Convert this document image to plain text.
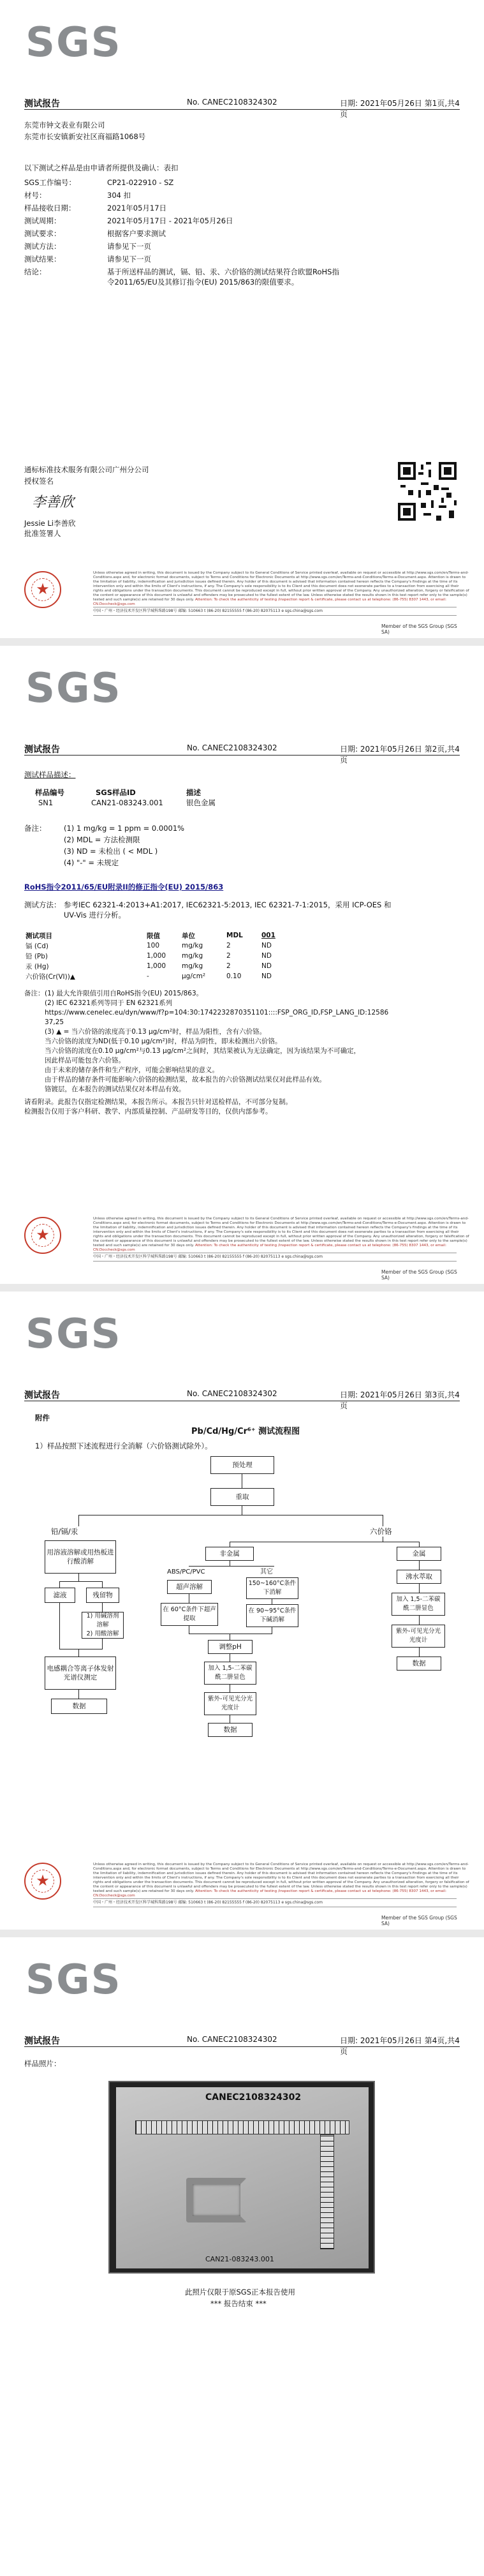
SGS
测试报告	No. CANEC2108324302	日期: 2021年05月26日 第1页,共4页
东莞市钟文表业有限公司
东莞市长安镇新安社区商福路1068号
以下测试之样品是由申请者所提供及确认：表扣
SGS工作编号：	CP21-022910 - SZ
材号：	304 扣
样品接收日期：	2021年05月17日
测试周期：	2021年05月17日 - 2021年05月26日
测试要求：	根据客户要求测试
测试方法：	请参见下一页
测试结果：	请参见下一页
结论：	基于所送样品的测试，镉、铅、汞、六价铬的测试结果符合欧盟RoHS指
令2011/65/EU及其修订指令(EU) 2015/863的限值要求。
通标标准技术服务有限公司广州分公司
授权签名
李善欣
Jessie Li李善欣
批准签署人
★
Unless otherwise agreed in writing, this document is issued by the Company subject to its General Conditions of Service printed overleaf, available on request or accessible at http://www.sgs.com/en/Terms-and-Conditions.aspx and, for electronic format documents, subject to Terms and Conditions for Electronic Documents at http://www.sgs.com/en/Terms-and-Conditions/Terms-e-Document.aspx. Attention is drawn to the limitation of liability, indemnification and jurisdiction issues defined therein. Any holder of this document is advised that information contained hereon reflects the Company's findings at the time of its intervention only and within the limits of Client's instructions, if any. The Company's sole responsibility is to its Client and this document does not exonerate parties to a transaction from exercising all their rights and obligations under the transaction documents. This document cannot be reproduced except in full, without prior written approval of the Company. Any unauthorized alteration, forgery or falsification of the content or appearance of this document is unlawful and offenders may be prosecuted to the fullest extent of the law. Unless otherwise stated the results shown in this test report refer only to the sample(s) tested and such sample(s) are retained for 30 days only. Attention: To check the authenticity of testing /inspection report & certificate, please contact us at telephone: (86-755) 8307 1443, or email: CN.Doccheck@sgs.com
中国・广州・经济技术开发区科学城科珠路198号 邮编: 510663 t (86-20) 82155555 f (86-20) 82075113 e sgs.china@sgs.com
Member of the SGS Group (SGS SA)
SGS
测试报告	No. CANEC2108324302	日期: 2021年05月26日 第2页,共4页
测试样品描述：
样品编号	SGS样品ID	描述
SN1	CAN21-083243.001	银色金属
备注： (1) 1 mg/kg = 1 ppm = 0.0001%
(2) MDL = 方法检测限
(3) ND = 未检出 ( < MDL )
(4) "-" = 未规定
RoHS指令2011/65/EU附录II的修正指令(EU) 2015/863
测试方法： 参考IEC 62321-4:2013+A1:2017, IEC62321-5:2013, IEC 62321-7-1:2015，采用 ICP-OES 和
UV-Vis 进行分析。
测试项目	限值	单位	MDL	001
镉 (Cd)	100	mg/kg	2	ND
铅 (Pb)	1,000	mg/kg	2	ND
汞 (Hg)	1,000	mg/kg	2	ND
六价铬(Cr(VI))▲	-	μg/cm²	0.10	ND
备注： (1) 最大允许限值引用自RoHS指令(EU) 2015/863。
(2) IEC 62321系列等同于 EN 62321系列
https://www.cenelec.eu/dyn/www/f?p=104:30:1742232870351101::::FSP_ORG_ID,FSP_LANG_ID:12586
37,25
(3) ▲ = 当六价铬的浓度高于0.13 μg/cm²时，样品为阳性，含有六价铬。
当六价铬的浓度为ND(低于0.10 μg/cm²)时，样品为阴性，即未检测出六价铬。
当六价铬的浓度在0.10 μg/cm²与0.13 μg/cm²之间时，其结果被认为无法确定，因为该结果为不可确定，
因此样品可能包含六价铬。
由于未来的储存条件和生产程序，可能会影响结果的意义。
由于样品的储存条件可能影响六价铬的检测结果，故本报告的六价铬测试结果仅对此样品有效。
铬镀层，在本报告的测试结果仅对本样品有效。
请看附录。此报告仅指定检测结果，本报告所示。本报告只针对送检样品，不可部分复制。
检测报告仅用于客户科研、教学、内部质量控制、产品研发等目的，仅供内部参考。
★
Unless otherwise agreed in writing, this document is issued by the Company subject to its General Conditions of Service printed overleaf, available on request or accessible at http://www.sgs.com/en/Terms-and-Conditions.aspx and, for electronic format documents, subject to Terms and Conditions for Electronic Documents at http://www.sgs.com/en/Terms-and-Conditions/Terms-e-Document.aspx. Attention is drawn to the limitation of liability, indemnification and jurisdiction issues defined therein. Any holder of this document is advised that information contained hereon reflects the Company's findings at the time of its intervention only and within the limits of Client's instructions, if any. The Company's sole responsibility is to its Client and this document does not exonerate parties to a transaction from exercising all their rights and obligations under the transaction documents. This document cannot be reproduced except in full, without prior written approval of the Company. Any unauthorized alteration, forgery or falsification of the content or appearance of this document is unlawful and offenders may be prosecuted to the fullest extent of the law. Unless otherwise stated the results shown in this test report refer only to the sample(s) tested and such sample(s) are retained for 30 days only. Attention: To check the authenticity of testing /inspection report & certificate, please contact us at telephone: (86-755) 8307 1443, or email: CN.Doccheck@sgs.com
中国・广州・经济技术开发区科学城科珠路198号 邮编: 510663 t (86-20) 82155555 f (86-20) 82075113 e sgs.china@sgs.com
Member of the SGS Group (SGS SA)
SGS
测试报告	No. CANEC2108324302	日期: 2021年05月26日 第3页,共4页
附件
Pb/Cd/Hg/Cr⁶⁺ 测试流程图
1）样品按照下述流程进行全消解（六价铬测试除外）。
预处理
重取
铅/镉/汞	六价铬
用溶液溶解或用热板进行酸消解
滤液	残留物
1) 用碱溶剂溶解
2) 用酸溶解
电感耦合等离子体发射光谱仪测定
数据
非金属	金属
ABS/PC/PVC	其它
超声溶解	150~160°C条件下消解
在 60°C条件下超声提取
在 90~95°C条件下碱消解
调整pH
加入 1,5-二苯碳酰二肼显色
紫外-可见光分光光度计
数据
沸水萃取
加入 1,5-二苯碳酰二肼显色
紫外-可见光分光光度计
数据
★
Unless otherwise agreed in writing, this document is issued by the Company subject to its General Conditions of Service printed overleaf, available on request or accessible at http://www.sgs.com/en/Terms-and-Conditions.aspx and, for electronic format documents, subject to Terms and Conditions for Electronic Documents at http://www.sgs.com/en/Terms-and-Conditions/Terms-e-Document.aspx. Attention is drawn to the limitation of liability, indemnification and jurisdiction issues defined therein. Any holder of this document is advised that information contained hereon reflects the Company's findings at the time of its intervention only and within the limits of Client's instructions, if any. The Company's sole responsibility is to its Client and this document does not exonerate parties to a transaction from exercising all their rights and obligations under the transaction documents. This document cannot be reproduced except in full, without prior written approval of the Company. Any unauthorized alteration, forgery or falsification of the content or appearance of this document is unlawful and offenders may be prosecuted to the fullest extent of the law. Unless otherwise stated the results shown in this test report refer only to the sample(s) tested and such sample(s) are retained for 30 days only. Attention: To check the authenticity of testing /inspection report & certificate, please contact us at telephone: (86-755) 8307 1443, or email: CN.Doccheck@sgs.com
中国・广州・经济技术开发区科学城科珠路198号 邮编: 510663 t (86-20) 82155555 f (86-20) 82075113 e sgs.china@sgs.com
Member of the SGS Group (SGS SA)
SGS
测试报告	No. CANEC2108324302	日期: 2021年05月26日 第4页,共4页
样品照片：
CANEC2108324302
CAN21-083243.001
此照片仅限于原SGS正本报告使用
*** 报告结束 ***
